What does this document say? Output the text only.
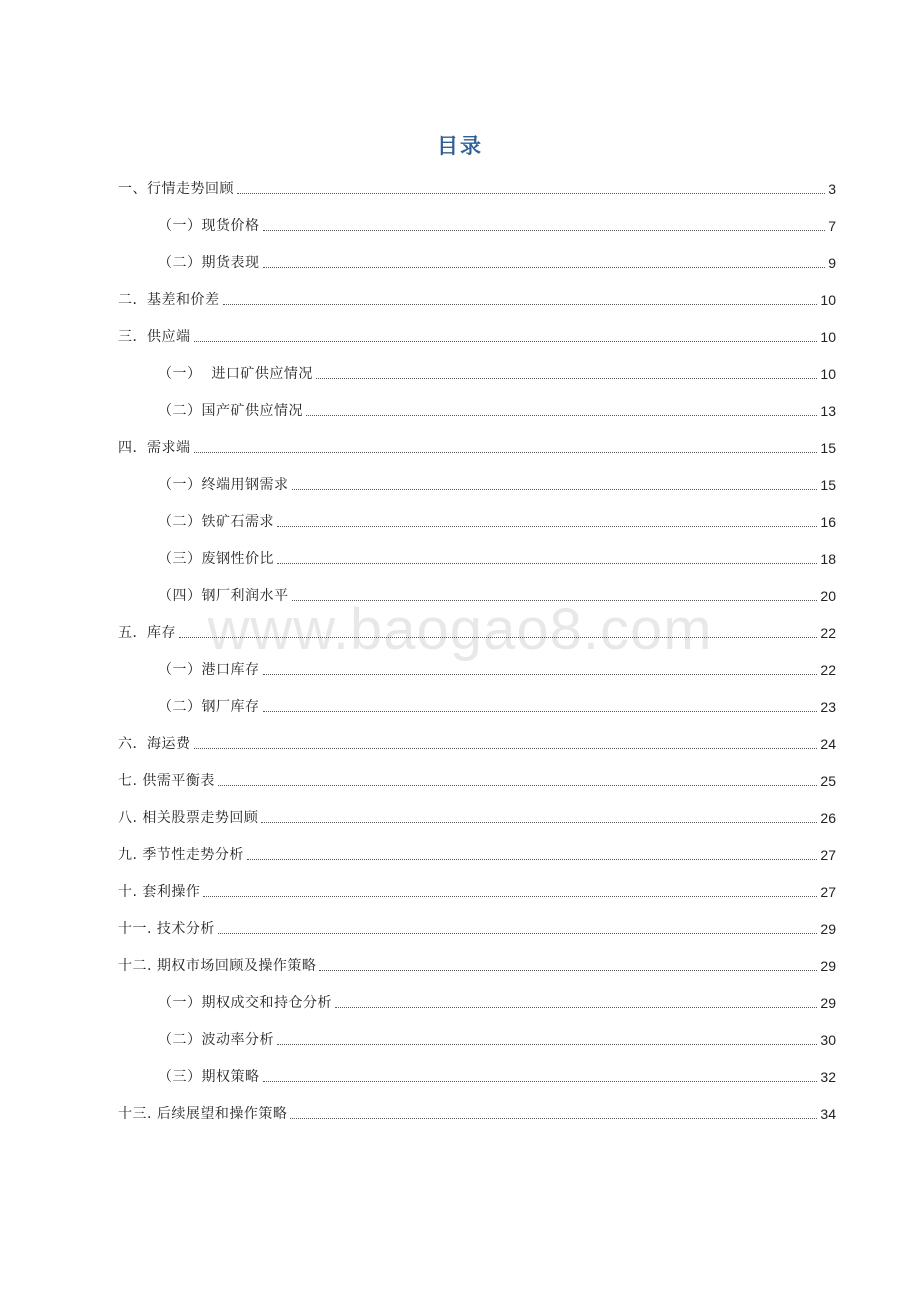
目录
一、行情走势回顾	3
（一）现货价格	7
（二）期货表现	9
二．基差和价差	10
三．供应端	10
（一）  进口矿供应情况	10
（二）国产矿供应情况	13
四．需求端	15
（一）终端用钢需求	15
（二）铁矿石需求	16
（三）废钢性价比	18
（四）钢厂利润水平	20
五．库存	22
（一）港口库存	22
（二）钢厂库存	23
六．海运费	24
七. 供需平衡表	25
八. 相关股票走势回顾	26
九. 季节性走势分析	27
十. 套利操作	27
十一. 技术分析	29
十二. 期权市场回顾及操作策略	29
（一）期权成交和持仓分析	29
（二）波动率分析	30
（三）期权策略	32
十三. 后续展望和操作策略	34
www.baogao8.com
